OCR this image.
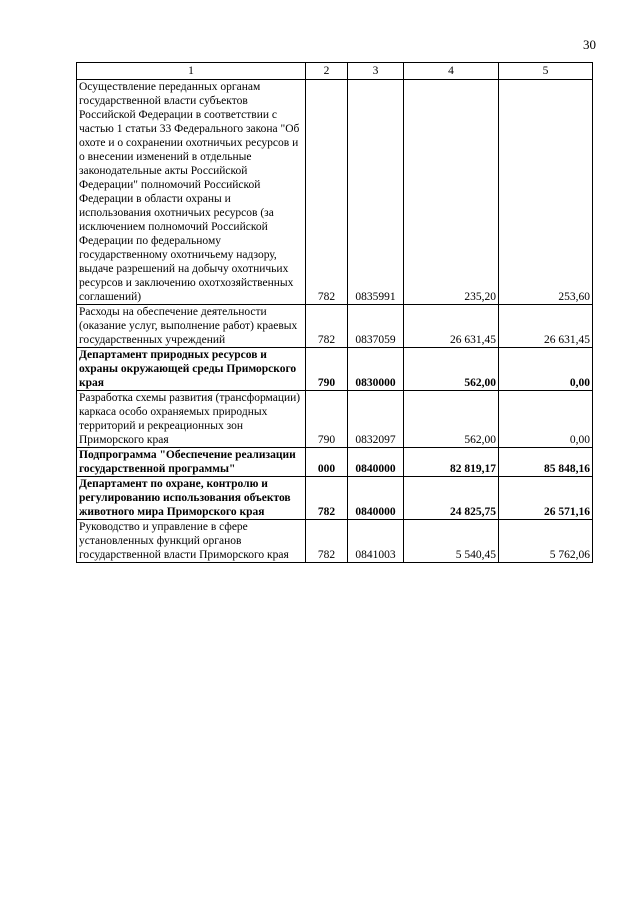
30
1	2	3	4	5
Осуществление переданных органам государственной власти субъектов Российской Федерации в соответствии с частью 1 статьи 33 Федерального закона "Об охоте и о сохранении охотничьих ресурсов и о внесении изменений в отдельные законодательные акты Российской Федерации" полномочий Российской Федерации в области охраны и использования охотничьих ресурсов (за исключением полномочий Российской Федерации по федеральному государственному охотничьему надзору, выдаче разрешений на добычу охотничьих ресурсов и заключению охотхозяйственных соглашений)	782	0835991	235,20	253,60
Расходы на обеспечение деятельности (оказание услуг, выполнение работ) краевых государственных учреждений	782	0837059	26 631,45	26 631,45
Департамент природных ресурсов и охраны окружающей среды Приморского края	790	0830000	562,00	0,00
Разработка схемы развития (трансформации) каркаса особо охраняемых природных территорий и рекреационных зон Приморского края	790	0832097	562,00	0,00
Подпрограмма "Обеспечение реализации государственной программы"	000	0840000	82 819,17	85 848,16
Департамент по охране, контролю и регулированию использования объектов животного мира Приморского края	782	0840000	24 825,75	26 571,16
Руководство и управление в сфере установленных функций органов государственной власти Приморского края	782	0841003	5 540,45	5 762,06
